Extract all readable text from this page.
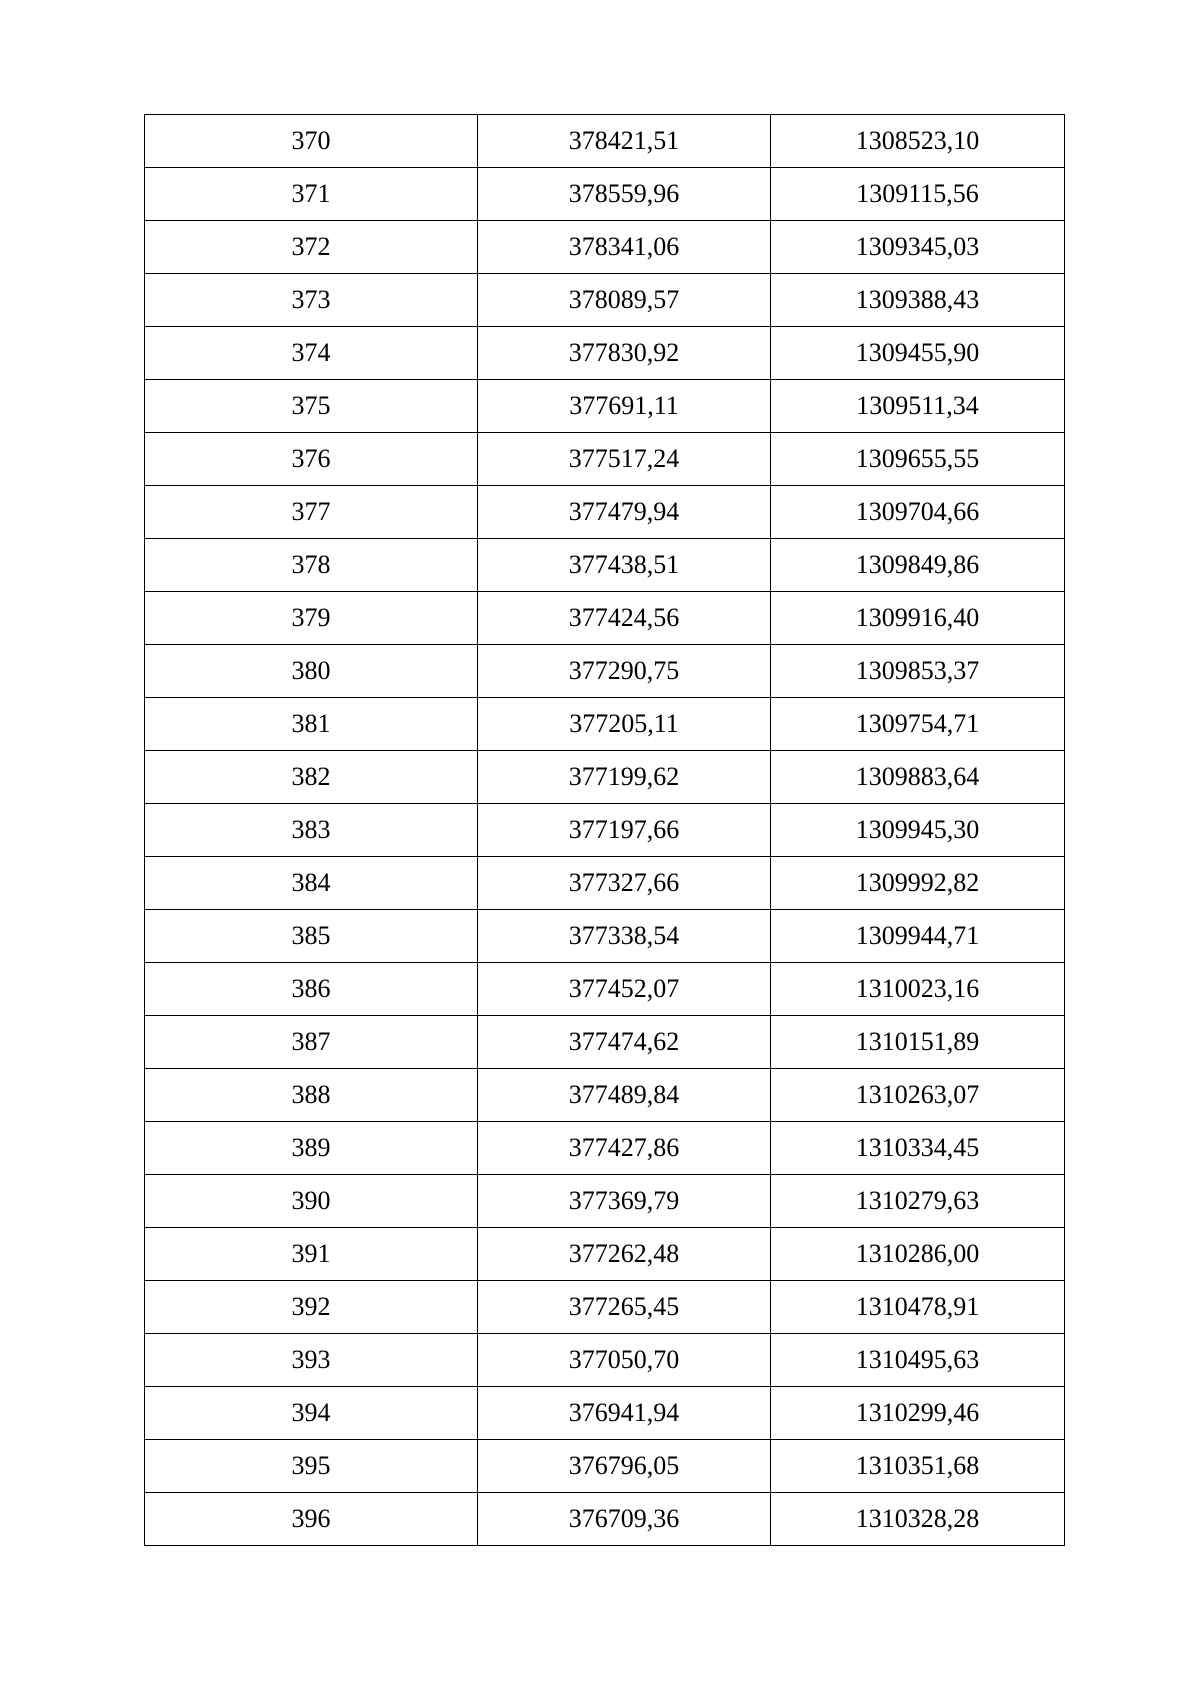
370	378421,51	1308523,10
371	378559,96	1309115,56
372	378341,06	1309345,03
373	378089,57	1309388,43
374	377830,92	1309455,90
375	377691,11	1309511,34
376	377517,24	1309655,55
377	377479,94	1309704,66
378	377438,51	1309849,86
379	377424,56	1309916,40
380	377290,75	1309853,37
381	377205,11	1309754,71
382	377199,62	1309883,64
383	377197,66	1309945,30
384	377327,66	1309992,82
385	377338,54	1309944,71
386	377452,07	1310023,16
387	377474,62	1310151,89
388	377489,84	1310263,07
389	377427,86	1310334,45
390	377369,79	1310279,63
391	377262,48	1310286,00
392	377265,45	1310478,91
393	377050,70	1310495,63
394	376941,94	1310299,46
395	376796,05	1310351,68
396	376709,36	1310328,28
